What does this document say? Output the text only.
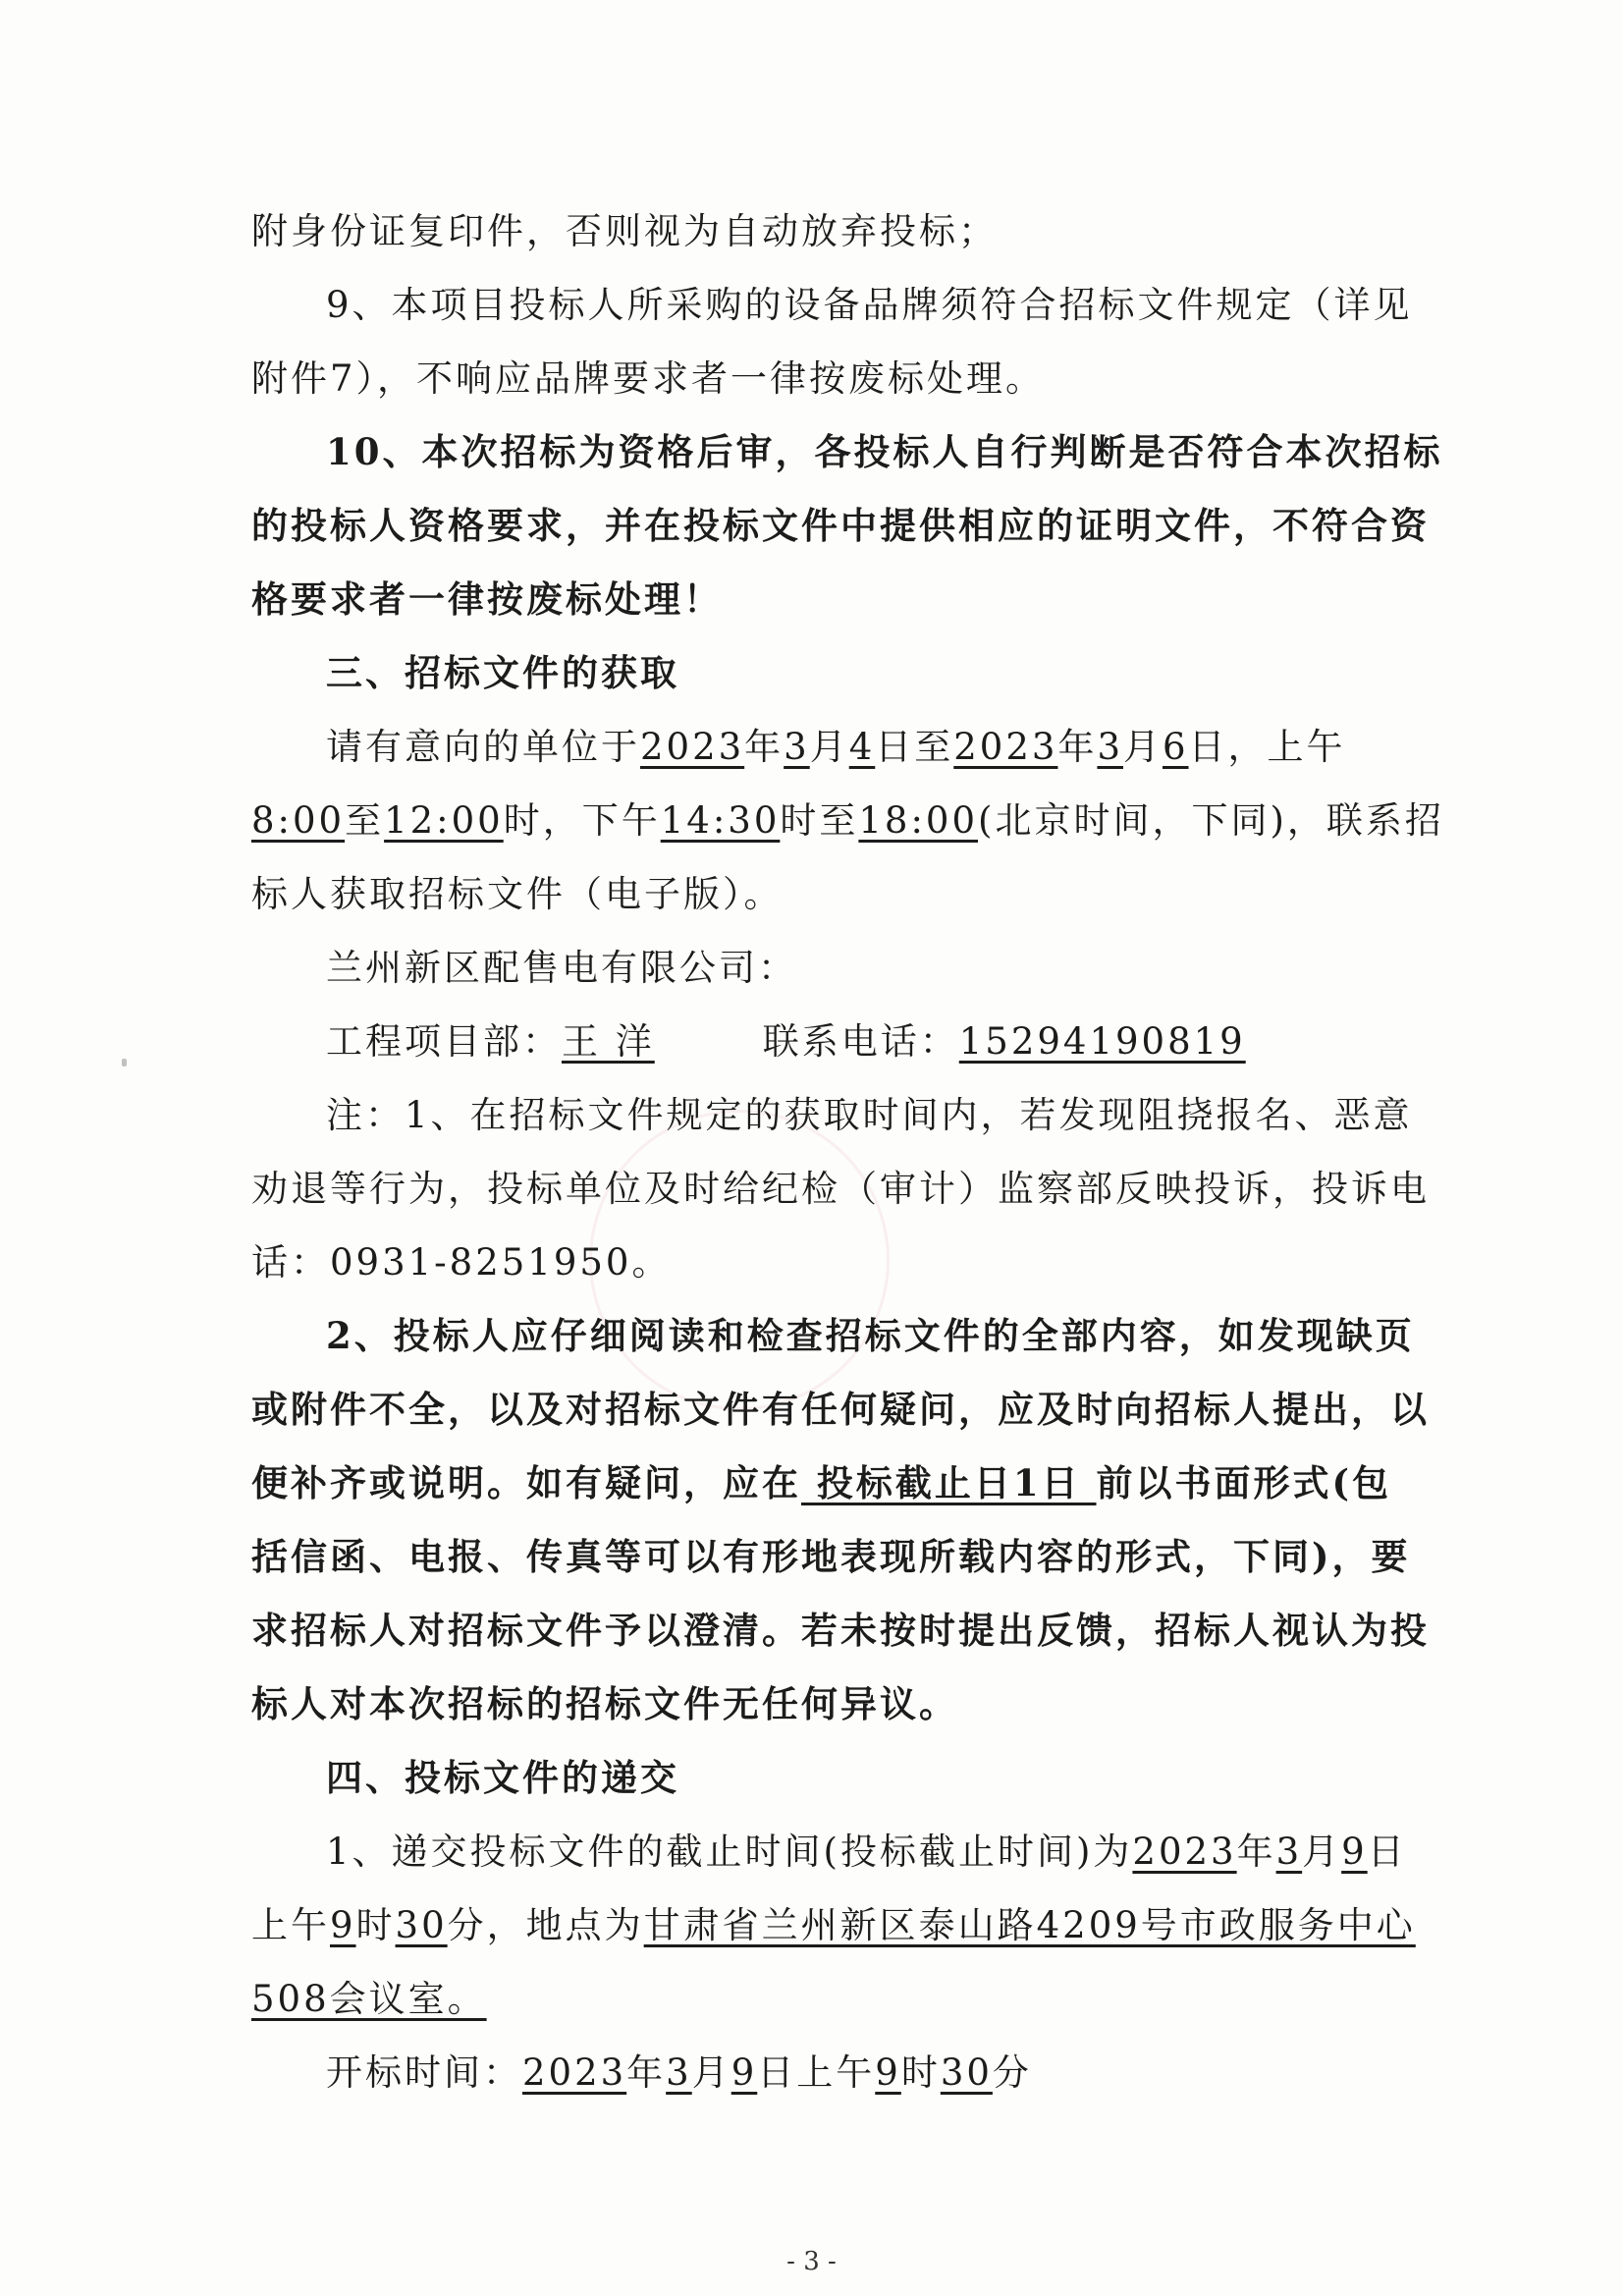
附身份证复印件，否则视为自动放弃投标；
9、本项目投标人所采购的设备品牌须符合招标文件规定（详见
附件7），不响应品牌要求者一律按废标处理。
10、本次招标为资格后审，各投标人自行判断是否符合本次招标
的投标人资格要求，并在投标文件中提供相应的证明文件，不符合资
格要求者一律按废标处理！
三、招标文件的获取
请有意向的单位于2023年3月4日至2023年3月6日，上午
8:00至12:00时，下午14:30时至18:00(北京时间，下同)，联系招
标人获取招标文件（电子版）。
兰州新区配售电有限公司：
工程项目部：王 洋	联系电话：15294190819
注：1、在招标文件规定的获取时间内，若发现阻挠报名、恶意
劝退等行为，投标单位及时给纪检（审计）监察部反映投诉，投诉电
话：0931-8251950。
2、投标人应仔细阅读和检查招标文件的全部内容，如发现缺页
或附件不全，以及对招标文件有任何疑问，应及时向招标人提出，以
便补齐或说明。如有疑问，应在 投标截止日1日 前以书面形式(包
括信函、电报、传真等可以有形地表现所载内容的形式，下同)，要
求招标人对招标文件予以澄清。若未按时提出反馈，招标人视认为投
标人对本次招标的招标文件无任何异议。
四、投标文件的递交
1、递交投标文件的截止时间(投标截止时间)为2023年3月9日
上午9时30分，地点为甘肃省兰州新区泰山路4209号市政服务中心
508会议室。
开标时间：2023年3月9日上午9时30分
- 3 -
